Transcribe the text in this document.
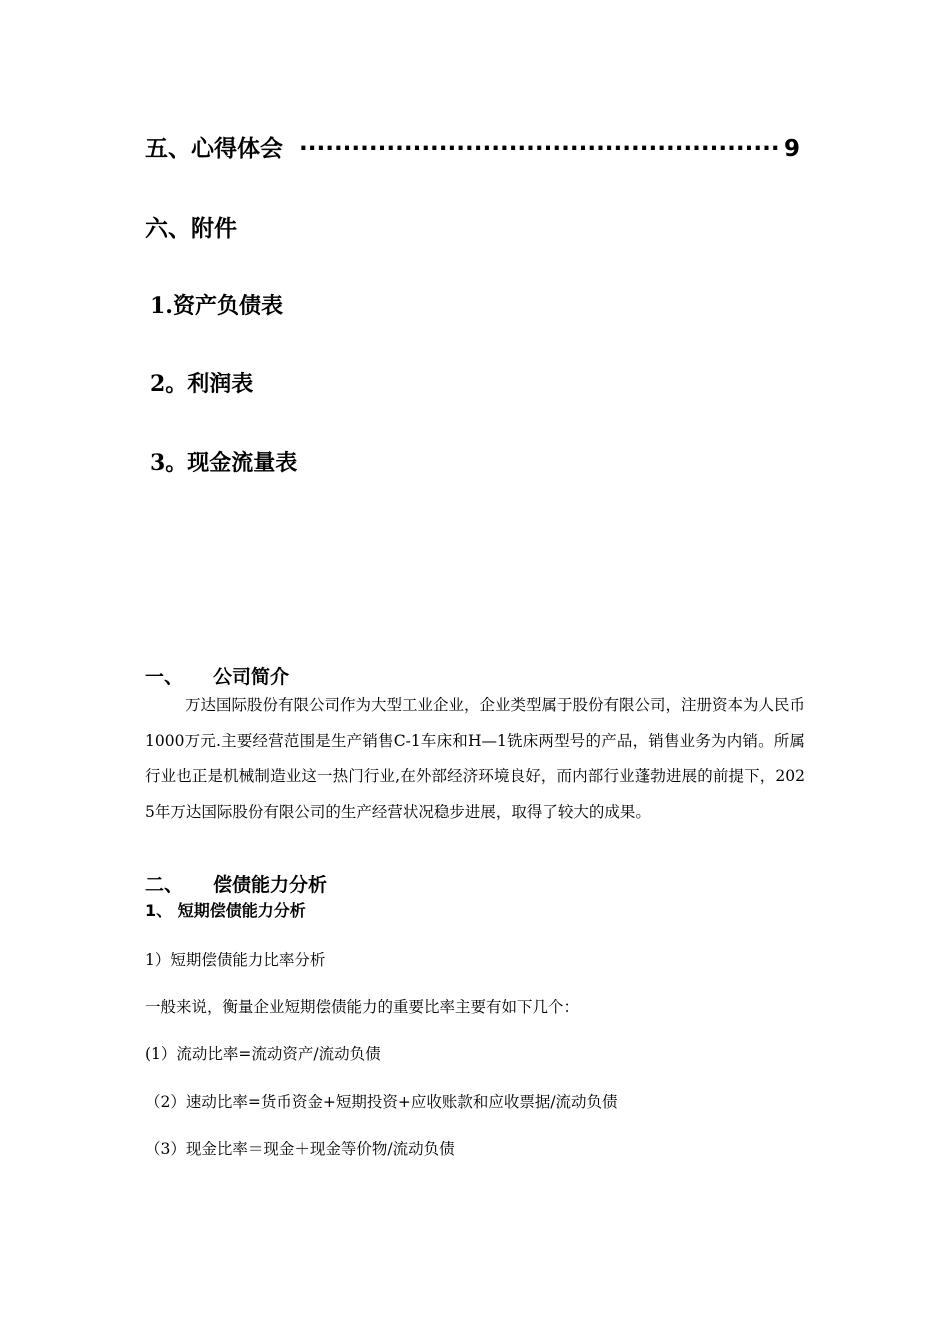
五、心得体会
·····	9
六、附件
1.资产负债表
2。利润表
3。现金流量表
一、 公司简介
万达国际股份有限公司作为大型工业企业，企业类型属于股份有限公司，注册资本为人民币1000万元.主要经营范围是生产销售C-1车床和H—1铣床两型号的产品，销售业务为内销。所属行业也正是机械制造业这一热门行业,在外部经济环境良好，而内部行业蓬勃进展的前提下，2025年万达国际股份有限公司的生产经营状况稳步进展，取得了较大的成果。
二、 偿债能力分析
1、 短期偿债能力分析
1）短期偿债能力比率分析
一般来说，衡量企业短期偿债能力的重要比率主要有如下几个：
(1）流动比率=流动资产/流动负债
（2）速动比率=货币资金+短期投资+应收账款和应收票据/流动负债
（3）现金比率＝现金＋现金等价物/流动负债
